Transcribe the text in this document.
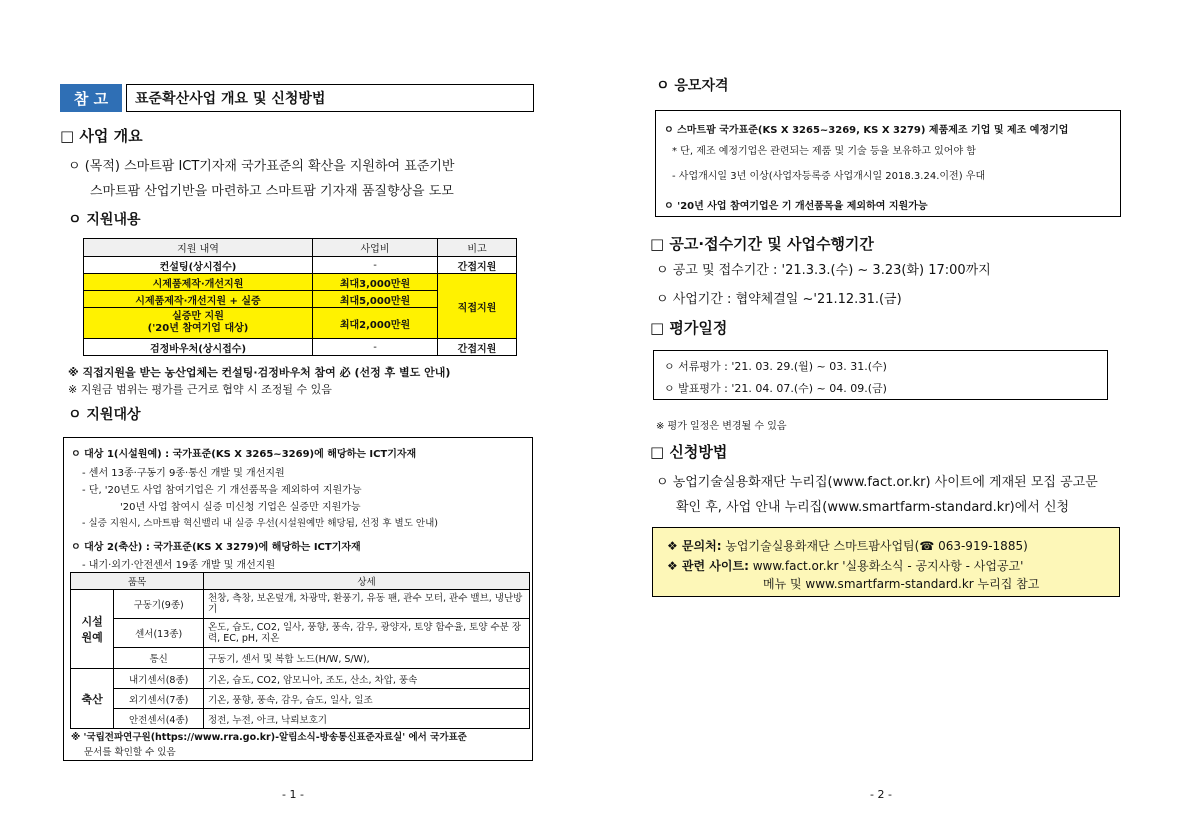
참 고 표준확산사업 개요 및 신청방법
□ 사업 개요
ㅇ (목적) 스마트팜 ICT기자재 국가표준의 확산을 지원하여 표준기반
스마트팜 산업기반을 마련하고 스마트팜 기자재 품질향상을 도모
ㅇ 지원내용
지원 내역	사업비	비고
컨설팅(상시접수)	-	간접지원
시제품제작·개선지원	최대3,000만원	직접지원
시제품제작·개선지원 + 실증	최대5,000만원	
실증만 지원
('20년 참여기업 대상)	최대2,000만원	
검정바우처(상시접수)	-	간접지원
※ 직접지원을 받는 농산업체는 컨설팅·검정바우처 참여 必 (선정 후 별도 안내)
※ 지원금 범위는 평가를 근거로 협약 시 조정될 수 있음
ㅇ 지원대상
ㅇ 대상 1(시설원예) : 국가표준(KS X 3265~3269)에 해당하는 ICT기자재
- 센서 13종·구동기 9종·통신 개발 및 개선지원
- 단, '20년도 사업 참여기업은 기 개선품목을 제외하여 지원가능
'20년 사업 참여시 실증 미신청 기업은 실증만 지원가능
- 실증 지원시, 스마트팜 혁신밸리 내 실증 우선(시설원예만 해당됨, 선정 후 별도 안내)
ㅇ 대상 2(축산) : 국가표준(KS X 3279)에 해당하는 ICT기자재
- 내기·외기·안전센서 19종 개발 및 개선지원
품목		상세
시설
원예	구동기(9종)	천창, 측창, 보온덮개, 차광막, 환풍기, 유동 팬, 관수 모터, 관수 밸브, 냉난방기
	센서(13종)	온도, 습도, CO2, 일사, 풍향, 풍속, 감우, 광양자, 토양 함수율, 토양 수분 장력, EC, pH, 지온
	통신	구동기, 센서 및 복합 노드(H/W, S/W),
축산	내기센서(8종)	기온, 습도, CO2, 암모니아, 조도, 산소, 차압, 풍속
	외기센서(7종)	기온, 풍향, 풍속, 감우, 습도, 일사, 일조
	안전센서(4종)	정전, 누전, 아크, 낙뢰보호기
※ '국립전파연구원(https://www.rra.go.kr)-알림소식-방송통신표준자료실' 에서 국가표준
문서를 확인할 수 있음
- 1 -
ㅇ 응모자격
ㅇ 스마트팜 국가표준(KS X 3265~3269, KS X 3279) 제품제조 기업 및 제조 예정기업
* 단, 제조 예정기업은 관련되는 제품 및 기술 등을 보유하고 있어야 함
- 사업개시일 3년 이상(사업자등록증 사업개시일 2018.3.24.이전) 우대
ㅇ '20년 사업 참여기업은 기 개선품목을 제외하여 지원가능
□ 공고·접수기간 및 사업수행기간
ㅇ 공고 및 접수기간 : '21.3.3.(수) ~ 3.23(화) 17:00까지
ㅇ 사업기간 : 협약체결일 ~'21.12.31.(금)
□ 평가일정
ㅇ 서류평가 : '21. 03. 29.(월) ~ 03. 31.(수)
ㅇ 발표평가 : '21. 04. 07.(수) ~ 04. 09.(금)
※ 평가 일정은 변경될 수 있음
□ 신청방법
ㅇ 농업기술실용화재단 누리집(www.fact.or.kr) 사이트에 게재된 모집 공고문
확인 후, 사업 안내 누리집(www.smartfarm-standard.kr)에서 신청
❖ 문의처: 농업기술실용화재단 스마트팜사업팀(☎ 063-919-1885)
❖ 관련 사이트: www.fact.or.kr '실용화소식 - 공지사항 - 사업공고'
메뉴 및 www.smartfarm-standard.kr 누리집 참고
- 2 -
